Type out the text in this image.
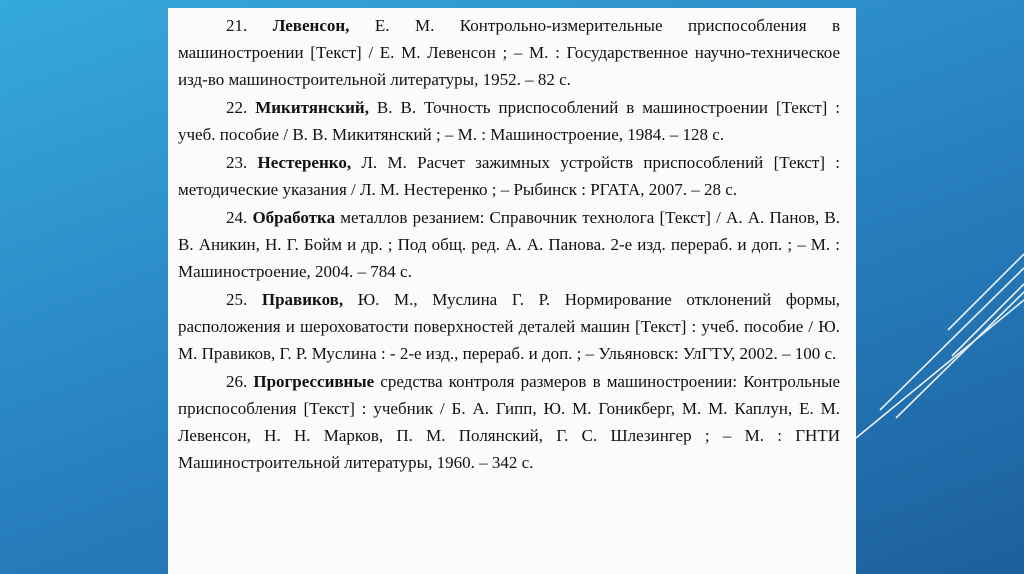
21. Левенсон, Е. М. Контрольно-измерительные приспособления в машиностроении [Текст] / Е. М. Левенсон ; – М. : Государственное научно-техническое изд-во машиностроительной литературы, 1952. – 82 с.

22. Микитянский, В. В. Точность приспособлений в машиностроении [Текст] : учеб. пособие / В. В. Микитянский ; – М. : Машиностроение, 1984. – 128 с.

23. Нестеренко, Л. М. Расчет зажимных устройств приспособлений [Текст] : методические указания / Л. М. Нестеренко ; – Рыбинск : РГАТА, 2007. – 28 с.

24. Обработка металлов резанием: Справочник технолога [Текст] / А. А. Панов, В. В. Аникин, Н. Г. Бойм и др. ; Под общ. ред. А. А. Панова. 2-е изд. перераб. и доп. ; – М. : Машиностроение, 2004. – 784 с.

25. Правиков, Ю. М., Муслина Г. Р. Нормирование отклонений формы, расположения и шероховатости поверхностей деталей машин [Текст] : учеб. пособие / Ю. М. Правиков, Г. Р. Муслина : - 2-е изд., перераб. и доп. ; – Ульяновск: УлГТУ, 2002. – 100 с.

26. Прогрессивные средства контроля размеров в машиностроении: Контрольные приспособления [Текст] : учебник / Б. А. Гипп, Ю. М. Гоникберг, М. М. Каплун, Е. М. Левенсон, Н. Н. Марков, П. М. Полянский, Г. С. Шлезингер ; – М. : ГНТИ Машиностроительной литературы, 1960. – 342 с.
